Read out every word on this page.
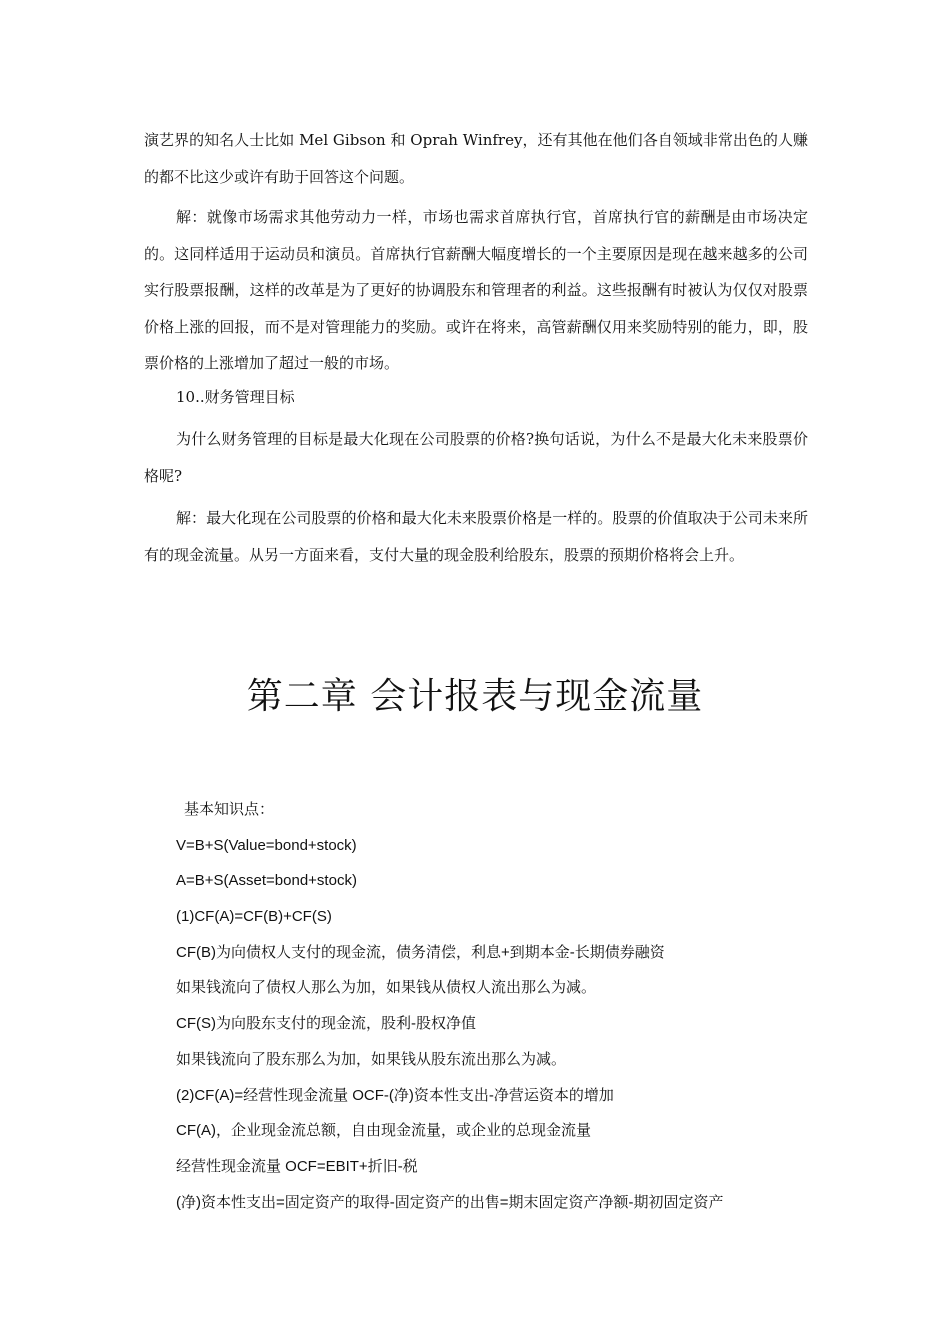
演艺界的知名人士比如 Mel Gibson 和 Oprah Winfrey，还有其他在他们各自领域非常出色的人赚的都不比这少或许有助于回答这个问题。

解：就像市场需求其他劳动力一样，市场也需求首席执行官，首席执行官的薪酬是由市场决定的。这同样适用于运动员和演员。首席执行官薪酬大幅度增长的一个主要原因是现在越来越多的公司实行股票报酬，这样的改革是为了更好的协调股东和管理者的利益。这些报酬有时被认为仅仅对股票价格上涨的回报，而不是对管理能力的奖励。或许在将来，高管薪酬仅用来奖励特别的能力，即，股票价格的上涨增加了超过一般的市场。

10..财务管理目标

为什么财务管理的目标是最大化现在公司股票的价格?换句话说，为什么不是最大化未来股票价格呢?

解：最大化现在公司股票的价格和最大化未来股票价格是一样的。股票的价值取决于公司未来所有的现金流量。从另一方面来看，支付大量的现金股利给股东，股票的预期价格将会上升。

第二章 会计报表与现金流量
基本知识点：
V=B+S(Value=bond+stock)
A=B+S(Asset=bond+stock)
(1)CF(A)=CF(B)+CF(S)
CF(B)为向债权人支付的现金流，债务清偿，利息+到期本金-长期债券融资
如果钱流向了债权人那么为加，如果钱从债权人流出那么为减。
CF(S)为向股东支付的现金流，股利-股权净值
如果钱流向了股东那么为加，如果钱从股东流出那么为减。
(2)CF(A)=经营性现金流量 OCF-(净)资本性支出-净营运资本的增加
CF(A)，企业现金流总额，自由现金流量，或企业的总现金流量
经营性现金流量 OCF=EBIT+折旧-税
(净)资本性支出=固定资产的取得-固定资产的出售=期末固定资产净额-期初固定资产
